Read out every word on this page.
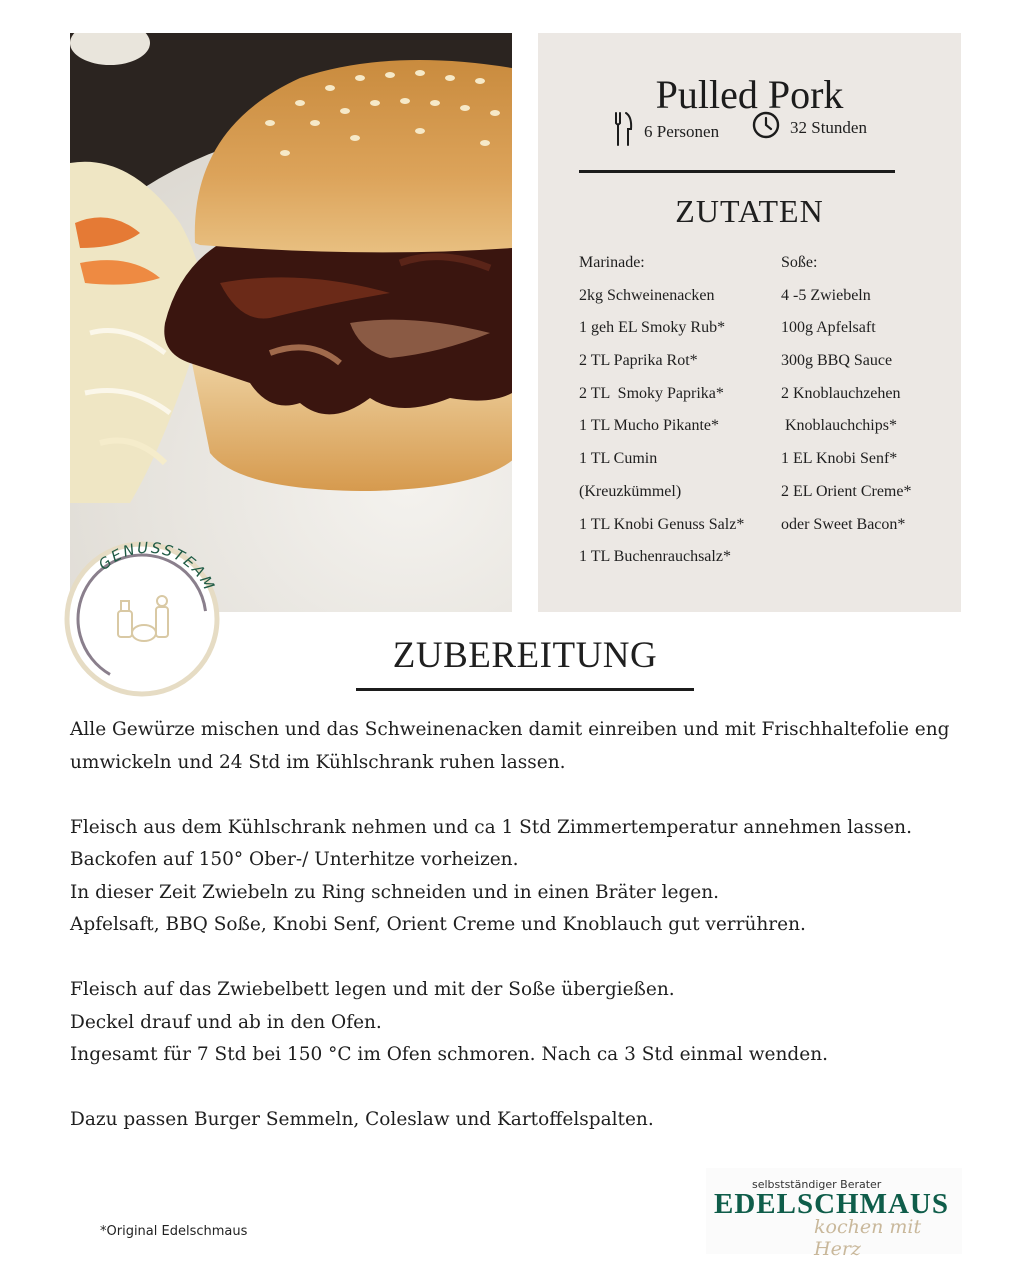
Pulled Pork
6 Personen	32 Stunden
ZUTATEN
Marinade:
2kg Schweinenacken
1 geh EL Smoky Rub*
2 TL Paprika Rot*
2 TL  Smoky Paprika*
1 TL Mucho Pikante*
1 TL Cumin
(Kreuzkümmel)
1 TL Knobi Genuss Salz*
1 TL Buchenrauchsalz*
Soße:
4 -5 Zwiebeln
100g Apfelsaft
300g BBQ Sauce
2 Knoblauchzehen
Knoblauchchips*
1 EL Knobi Senf*
2 EL Orient Creme*
oder Sweet Bacon*
GENUSSTEAM
ZUBEREITUNG

Alle Gewürze mischen und das Schweinenacken damit einreiben und mit Frischhaltefolie eng
umwickeln und 24 Std im Kühlschrank ruhen lassen.

Fleisch aus dem Kühlschrank nehmen und ca 1 Std Zimmertemperatur annehmen lassen.
Backofen auf 150° Ober-/ Unterhitze vorheizen.
In dieser Zeit Zwiebeln zu Ring schneiden und in einen Bräter legen.
Apfelsaft, BBQ Soße, Knobi Senf, Orient Creme und Knoblauch gut verrühren.

Fleisch auf das Zwiebelbett legen und mit der Soße übergießen.
Deckel drauf und ab in den Ofen.
Ingesamt für 7 Std bei 150 °C im Ofen schmoren. Nach ca 3 Std einmal wenden.

Dazu passen Burger Semmeln, Coleslaw und Kartoffelspalten.

*Original Edelschmaus
selbstständiger Berater
EDELSCHMAUS
kochen mit Herz
